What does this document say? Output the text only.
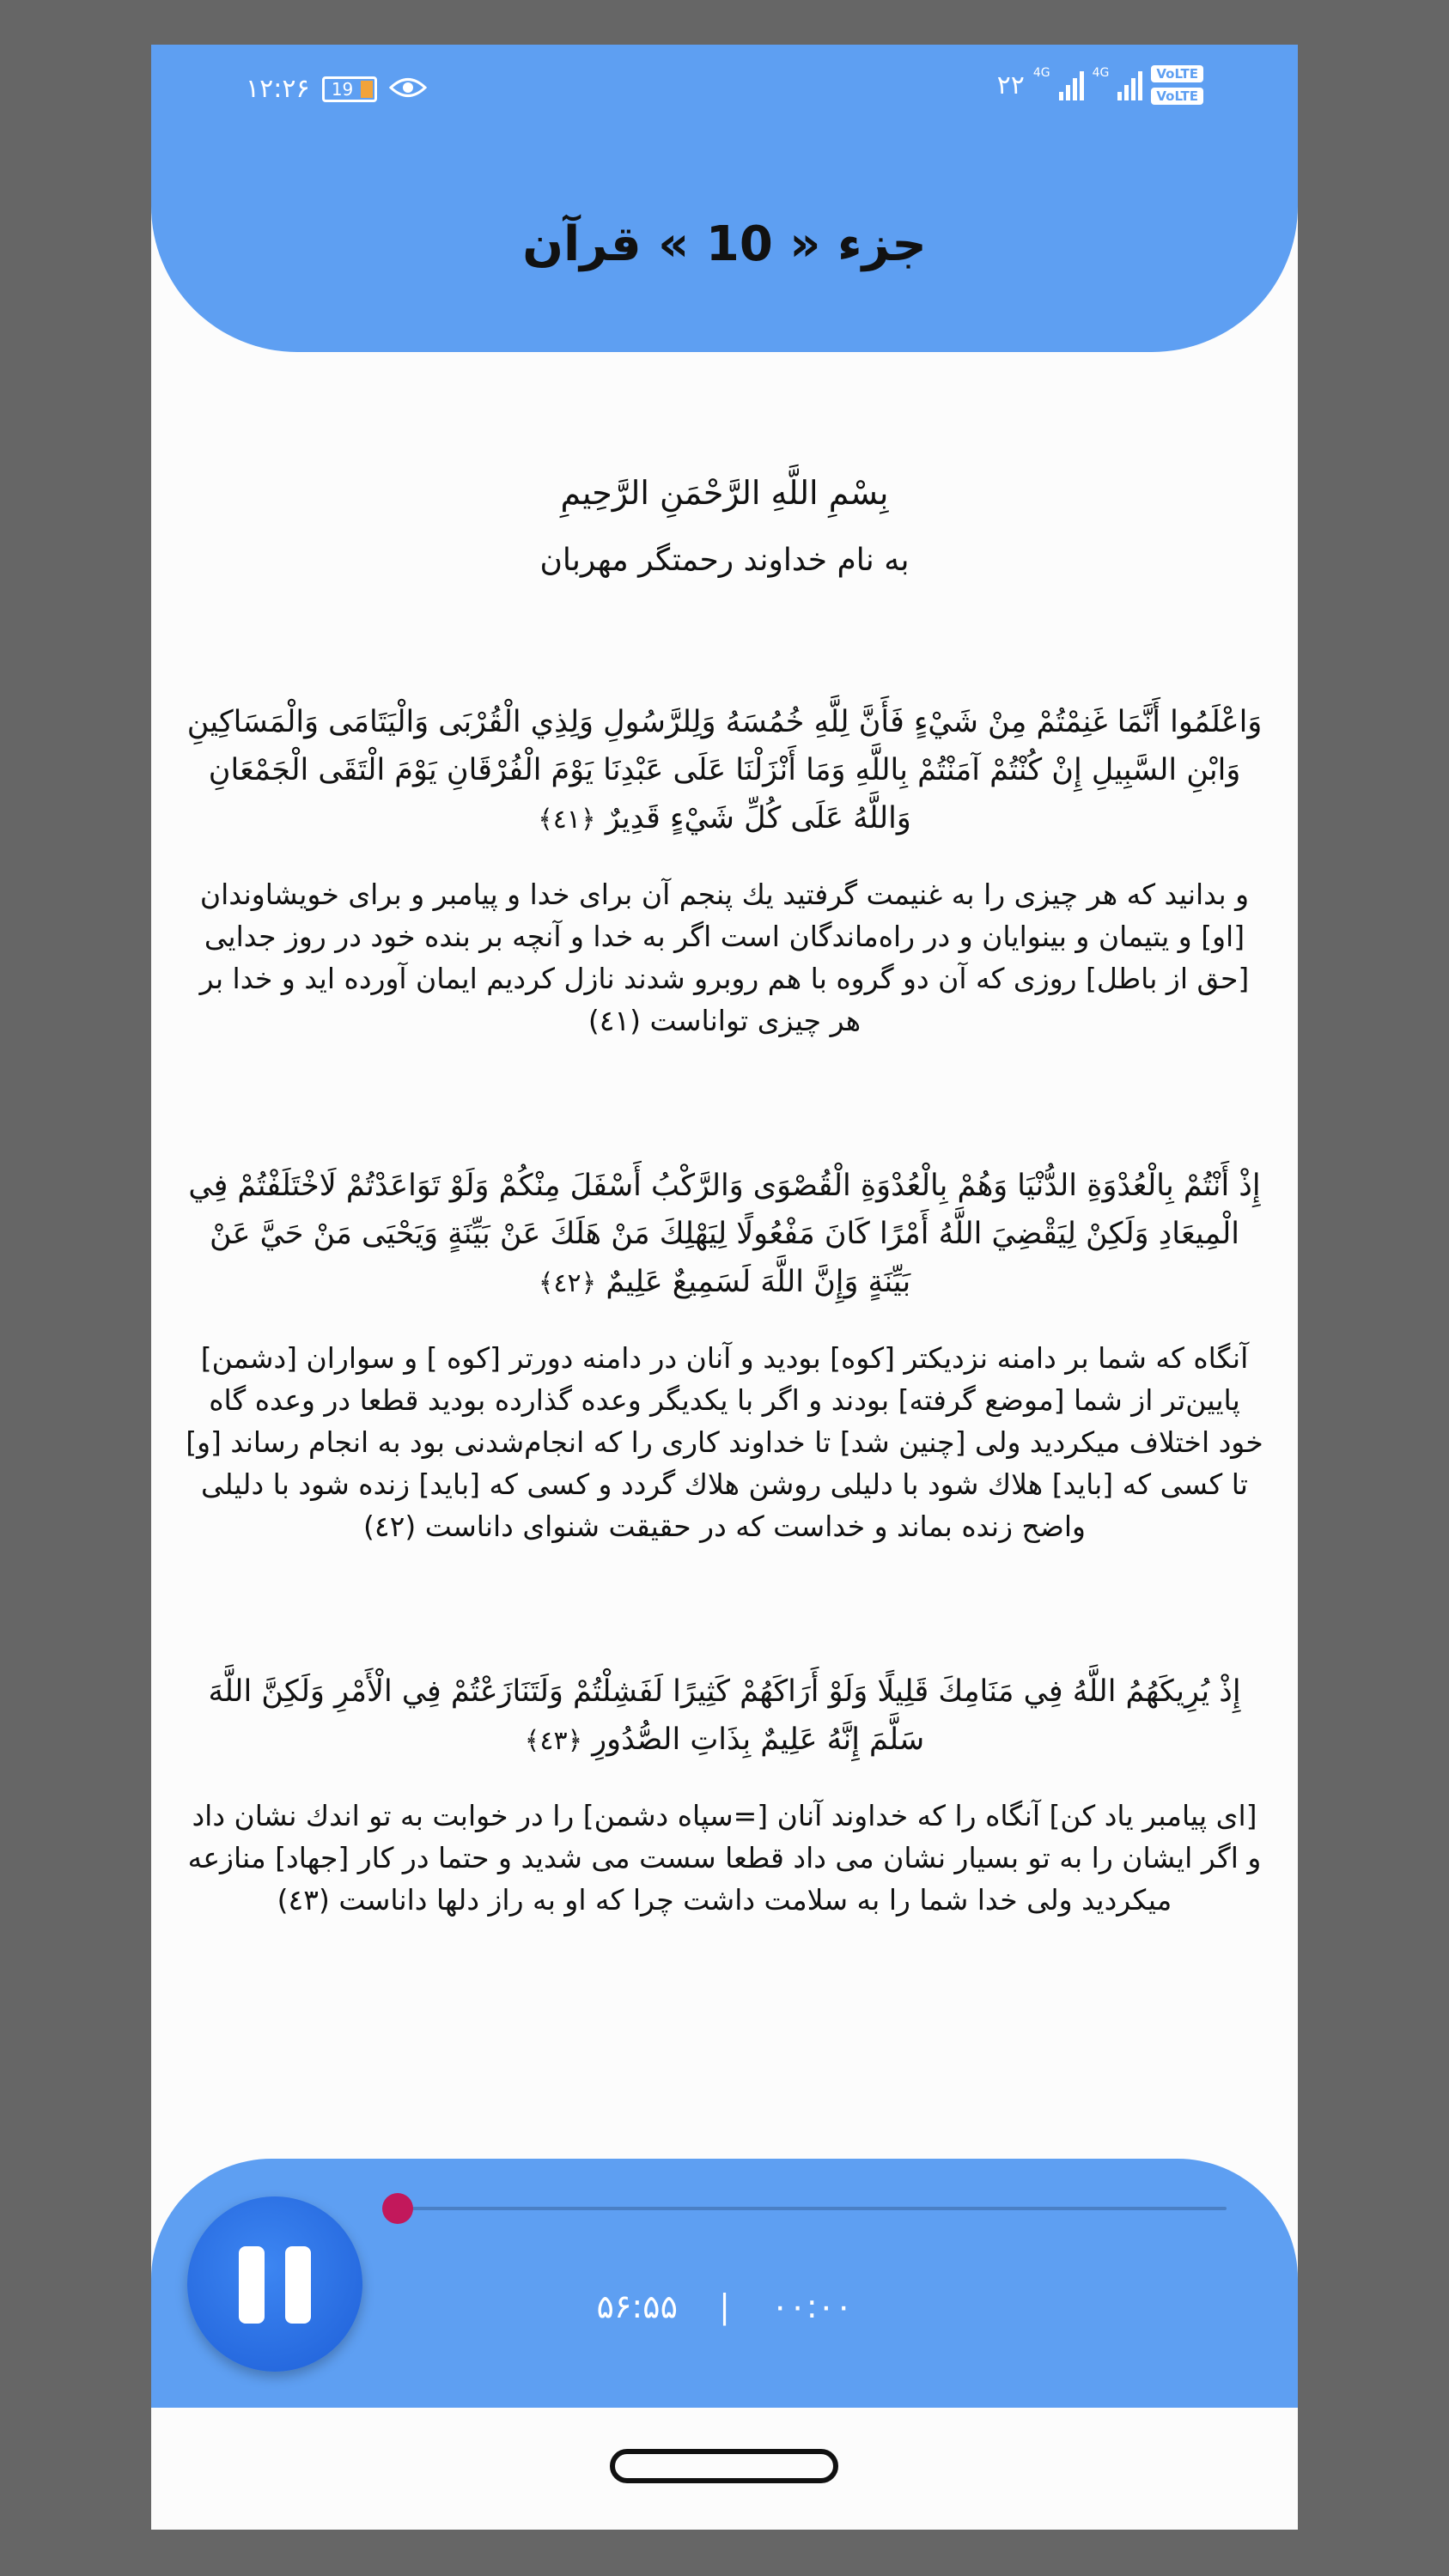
۱۲:۲۶	19	۲۲ 4G	4G	VoLTE
VoLTE
جزء « 10 » قرآن
بِسْمِ اللَّهِ الرَّحْمَنِ الرَّحِيمِ
به نام خداوند رحمتگر مهربان
وَاعْلَمُوا أَنَّمَا غَنِمْتُمْ مِنْ شَيْءٍ فَأَنَّ لِلَّهِ خُمُسَهُ وَلِلرَّسُولِ وَلِذِي الْقُرْبَى وَالْيَتَامَى وَالْمَسَاكِينِ وَابْنِ السَّبِيلِ إِنْ كُنْتُمْ آمَنْتُمْ بِاللَّهِ وَمَا أَنْزَلْنَا عَلَى عَبْدِنَا يَوْمَ الْفُرْقَانِ يَوْمَ الْتَقَى الْجَمْعَانِ وَاللَّهُ عَلَى كُلِّ شَيْءٍ قَدِيرٌ ﴿٤١﴾
و بدانيد كه هر چيزى را به غنيمت گرفتيد يك پنجم آن براى خدا و پيامبر و براى خويشاوندان [او] و يتيمان و بينوايان و در راه‌ماندگان است اگر به خدا و آنچه بر بنده خود در روز جدايى [حق از باطل] روزى كه آن دو گروه با هم روبرو شدند نازل كرديم ايمان آورده ايد و خدا بر هر چيزى تواناست (٤١)
إِذْ أَنْتُمْ بِالْعُدْوَةِ الدُّنْيَا وَهُمْ بِالْعُدْوَةِ الْقُصْوَى وَالرَّكْبُ أَسْفَلَ مِنْكُمْ وَلَوْ تَوَاعَدْتُمْ لَاخْتَلَفْتُمْ فِي الْمِيعَادِ وَلَكِنْ لِيَقْضِيَ اللَّهُ أَمْرًا كَانَ مَفْعُولًا لِيَهْلِكَ مَنْ هَلَكَ عَنْ بَيِّنَةٍ وَيَحْيَى مَنْ حَيَّ عَنْ بَيِّنَةٍ وَإِنَّ اللَّهَ لَسَمِيعٌ عَلِيمٌ ﴿٤٢﴾
آنگاه كه شما بر دامنه نزديكتر [كوه] بوديد و آنان در دامنه دورتر [كوه ] و سواران [دشمن] پايين‌تر از شما [موضع گرفته] بودند و اگر با يكديگر وعده گذارده بوديد قطعا در وعده گاه خود اختلاف ميكرديد ولى [چنين شد] تا خداوند كارى را كه انجام‌شدنى بود به انجام رساند [و] تا كسى كه [بايد] هلاك شود با دليلى روشن هلاك گردد و كسى كه [بايد] زنده شود با دليلى واضح زنده بماند و خداست كه در حقيقت شنواى داناست (٤٢)
إِذْ يُرِيكَهُمُ اللَّهُ فِي مَنَامِكَ قَلِيلًا وَلَوْ أَرَاكَهُمْ كَثِيرًا لَفَشِلْتُمْ وَلَتَنَازَعْتُمْ فِي الْأَمْرِ وَلَكِنَّ اللَّهَ سَلَّمَ إِنَّهُ عَلِيمٌ بِذَاتِ الصُّدُورِ ﴿٤٣﴾
[اى پيامبر ياد كن] آنگاه را كه خداوند آنان [=سپاه دشمن] را در خوابت به تو اندك نشان داد و اگر ايشان را به تو بسيار نشان مى داد قطعا سست مى شديد و حتما در كار [جهاد] منازعه ميكرديد ولى خدا شما را به سلامت داشت چرا كه او به راز دلها داناست (٤٣)
۵۶:۵۵ | ۰۰:۰۰
